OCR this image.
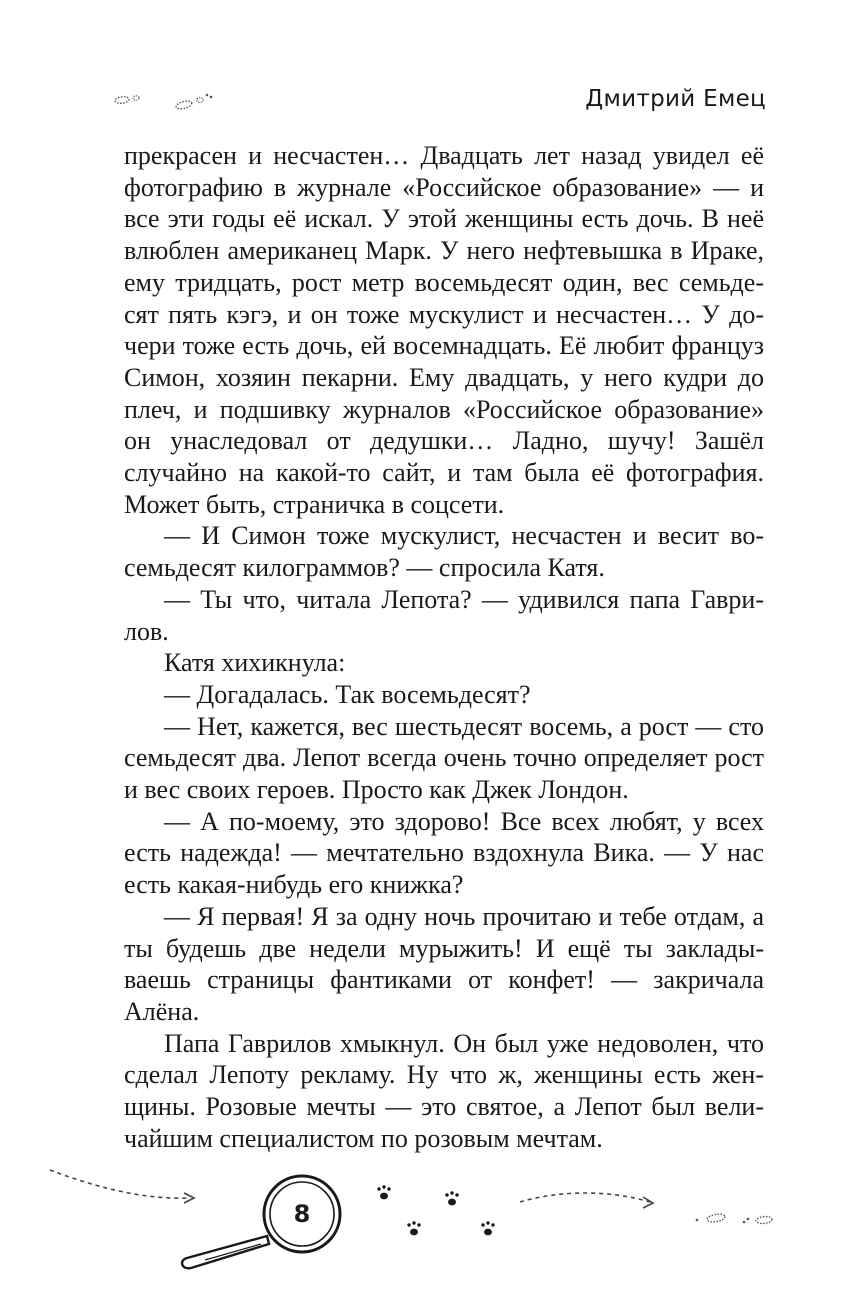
Дмитрий Емец

прекрасен и несчастен… Двадцать лет назад увидел её фотографию в журнале «Российское образование» — и все эти годы её искал. У этой женщины есть дочь. В неё влюблен американец Марк. У него нефтевышка в Ираке, ему тридцать, рост метр восемьдесят один, вес семьдесят пять кэгэ, и он тоже мускулист и несчастен… У дочери тоже есть дочь, ей восемнадцать. Её любит француз Симон, хозяин пекарни. Ему двадцать, у него кудри до плеч, и подшивку журналов «Российское образование» он унаследовал от дедушки… Ладно, шучу! Зашёл случайно на какой-то сайт, и там была её фотография. Может быть, страничка в соцсети.

— И Симон тоже мускулист, несчастен и весит восемьдесят килограммов? — спросила Катя.

— Ты что, читала Лепота? — удивился папа Гаврилов.

Катя хихикнула:

— Догадалась. Так восемьдесят?

— Нет, кажется, вес шестьдесят восемь, а рост — сто семьдесят два. Лепот всегда очень точно определяет рост и вес своих героев. Просто как Джек Лондон.

— А по-моему, это здорово! Все всех любят, у всех есть надежда! — мечтательно вздохнула Вика. — У нас есть какая-нибудь его книжка?

— Я первая! Я за одну ночь прочитаю и тебе отдам, а ты будешь две недели мурыжить! И ещё ты закладываешь страницы фантиками от конфет! — закричала Алёна.

Папа Гаврилов хмыкнул. Он был уже недоволен, что сделал Лепоту рекламу. Ну что ж, женщины есть женщины. Розовые мечты — это святое, а Лепот был величайшим специалистом по розовым мечтам.

8
